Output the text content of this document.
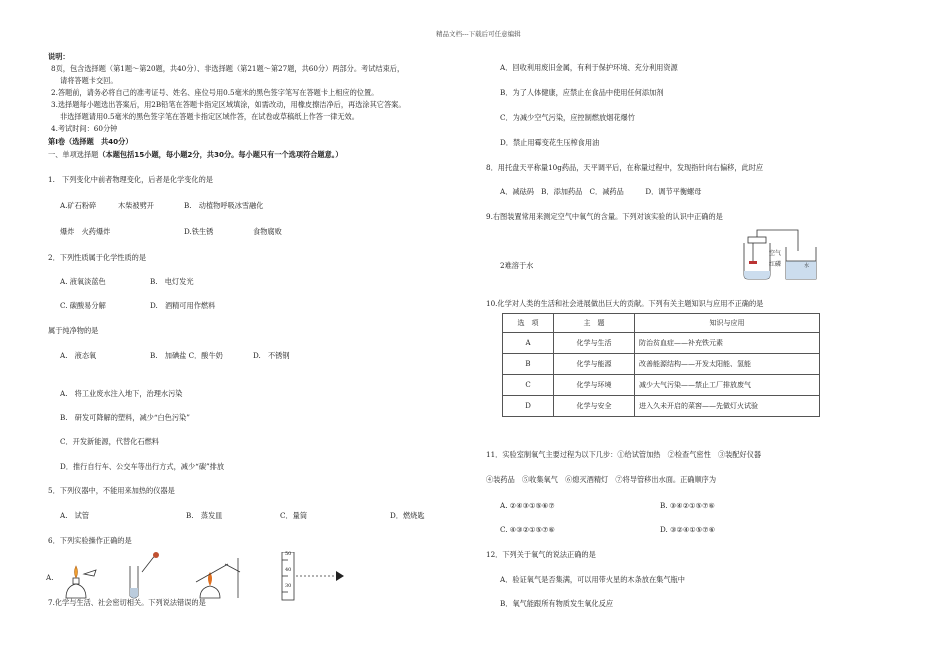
精品文档---下载后可任意编辑
说明：
8页，包含选择题（第1题～第20题，共40分）、非选择题（第21题～第27题，共60分）两部分。考试结束后，
请将答题卡交回。
2.答题前，请务必将自己的准考证号、姓名、座位号用0.5毫米的黑色签字笔写在答题卡上相应的位置。
3.选择题每小题选出答案后，用2B铅笔在答题卡指定区域填涂，如需改动，用橡皮擦洁净后，再选涂其它答案。
非选择题请用0.5毫米的黑色签字笔在答题卡指定区域作答，在试卷或草稿纸上作答一律无效。
4.考试时间：60分钟
第Ⅰ卷（选择题　共40分）
一、单项选择题（本题包括15小题，每小题2分，共30分。每小题只有一个选项符合题意。）
1.　下列变化中前者物理变化，后者是化学变化的是
A.矿石粉碎	木柴被劈开	B.　动植物呼吸冰雪融化
爆炸　火药爆炸	D.铁生锈	食物腐败
2．下列性质属于化学性质的是
A. 液氧淡蓝色	B.　电灯发光
C. 碳酸易分解	D.　酒精可用作燃料
属于纯净物的是
A.　液态氧	B.　加碘盐 C．酸牛奶	D.　不锈钢
A.　将工业废水注入地下，治理水污染
B.　研发可降解的塑料，减少“白色污染”
C．开发新能源，代替化石燃料
D．推行自行车、公交车等出行方式，减少“碳”排放
5．下列仪器中，不能用来加热的仪器是
A.　试管	B.　蒸发皿	C．量筒	D．燃烧匙
6．下列实验操作正确的是
A.
50
40
30
7.化学与生活、社会密切相关。下列说法错误的是
A．回收利用废旧金属，有利于保护环境、充分利用资源
B．为了人体健康，应禁止在食品中使用任何添加剂
C．为减少空气污染，应控制燃放烟花爆竹
D．禁止用霉变花生压榨食用油
8．用托盘天平称量10g药品，天平调平后，在称量过程中，发现指针向右偏移，此时应
A．减砝码　B．添加药品　C．减药品　　　D．调节平衡螺母
9.右图装置常用来测定空气中氧气的含量。下列对该实验的认识中正确的是
2难溶于水
空气
红磷	水
10.化学对人类的生活和社会进展做出巨大的贡献。下列有关主题知识与应用不正确的是
选　项	主　题	知识与应用
A	化学与生活	防治贫血症——补充铁元素
B	化学与能源	改善能源结构——开发太阳能、氢能
C	化学与环境	减少大气污染——禁止工厂排放废气
D	化学与安全	进入久未开启的菜窖——先做灯火试验
11．实验室制氧气主要过程为以下几步：①给试管加热　②检查气密性　③装配好仪器
④装药品　⑤收集氧气　⑥熄灭酒精灯　⑦将导管移出水面。正确顺序为
A. ②④③①⑤⑥⑦	B. ③④②①⑤⑦⑥
C. ④③②①⑤⑦⑥	D. ③②④①⑤⑦⑥
12．下列关于氧气的说法正确的是
A．验证氧气是否集满，可以用带火星的木条放在集气瓶中
B．氧气能跟所有物质发生氧化反应
